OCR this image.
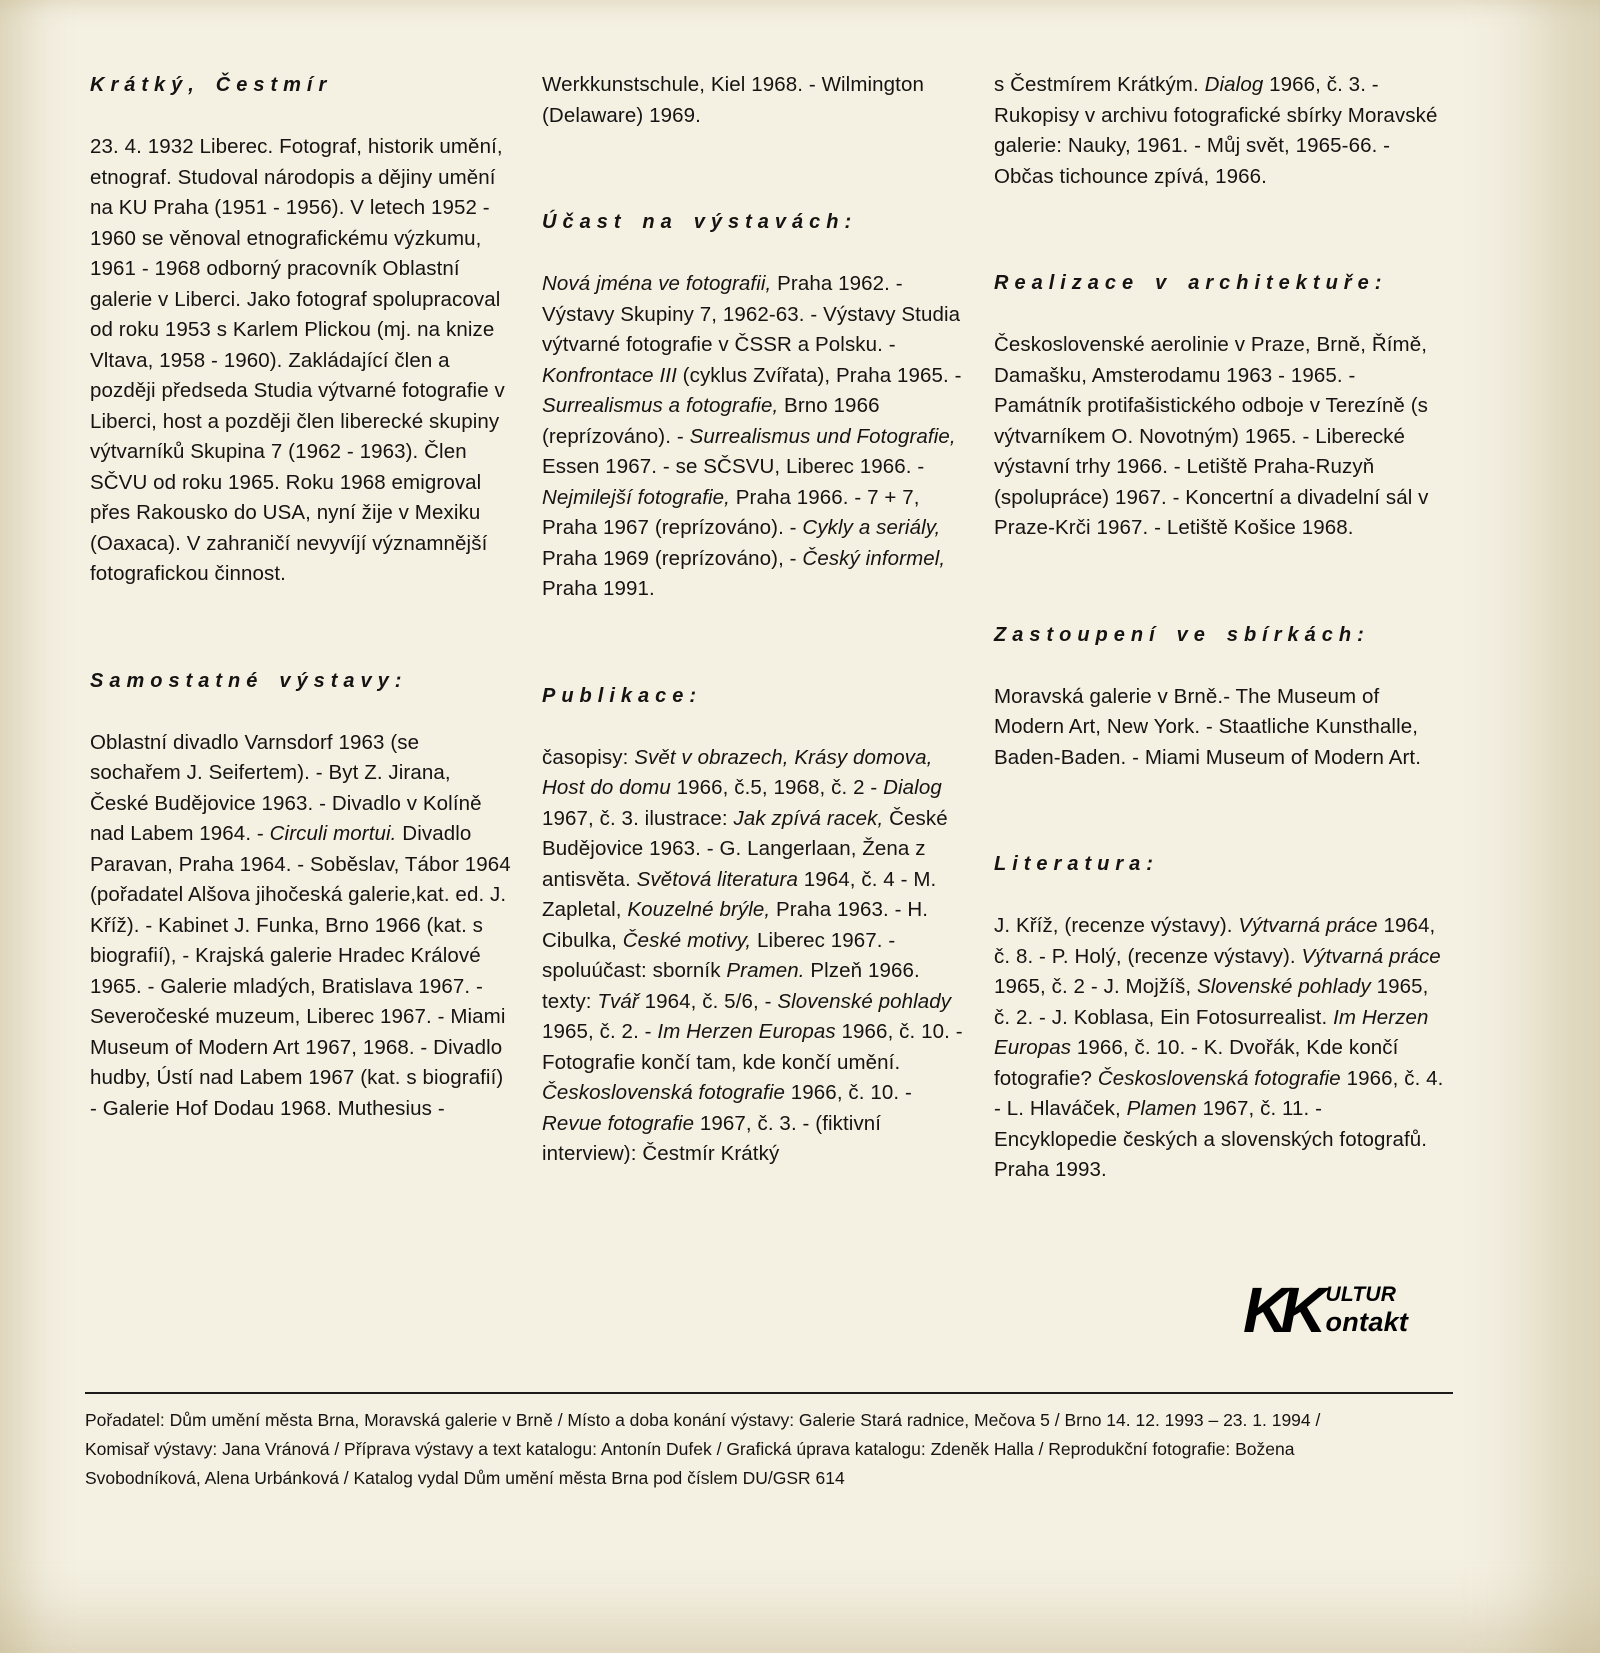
Krátký, Čestmír

23. 4. 1932 Liberec. Fotograf, historik umění, etnograf. Studoval národopis a dějiny umění na KU Praha (1951 - 1956). V letech 1952 - 1960 se věnoval etnografickému výzkumu, 1961 - 1968 odborný pracovník Oblastní galerie v Liberci. Jako fotograf spolupracoval od roku 1953 s Karlem Plickou (mj. na knize Vltava, 1958 - 1960). Zakládající člen a později předseda Studia výtvarné fotografie v Liberci, host a později člen liberecké skupiny výtvarníků Skupina 7 (1962 - 1963). Člen SČVU od roku 1965. Roku 1968 emigroval přes Rakousko do USA, nyní žije v Mexiku (Oaxaca). V zahraničí nevyvíjí významnější fotografickou činnost.

Samostatné výstavy:

Oblastní divadlo Varnsdorf 1963 (se sochařem J. Seifertem). - Byt Z. Jirana, České Budějovice 1963. - Divadlo v Kolíně nad Labem 1964. - Circuli mortui. Divadlo Paravan, Praha 1964. - Soběslav, Tábor 1964 (pořadatel Alšova jihočeská galerie,kat. ed. J. Kříž). - Kabinet J. Funka, Brno 1966 (kat. s biografií), - Krajská galerie Hradec Králové 1965. - Galerie mladých, Bratislava 1967. - Severočeské muzeum, Liberec 1967. - Miami Museum of Modern Art 1967, 1968. - Divadlo hudby, Ústí nad Labem 1967 (kat. s biografií) - Galerie Hof Dodau 1968. Muthesius -

Werkkunstschule, Kiel 1968. - Wilmington (Delaware) 1969.

Účast na výstavách:

Nová jména ve fotografii, Praha 1962. - Výstavy Skupiny 7, 1962-63. - Výstavy Studia výtvarné fotografie v ČSSR a Polsku. - Konfrontace III (cyklus Zvířata), Praha 1965. - Surrealismus a fotografie, Brno 1966 (reprízováno). - Surrealismus und Fotografie, Essen 1967. - se SČSVU, Liberec 1966. - Nejmilejší fotografie, Praha 1966. - 7 + 7, Praha 1967 (reprízováno). - Cykly a seriály, Praha 1969 (reprízováno), - Český informel, Praha 1991.

Publikace:

časopisy: Svět v obrazech, Krásy domova, Host do domu 1966, č.5, 1968, č. 2 - Dialog 1967, č. 3. ilustrace: Jak zpívá racek, České Budějovice 1963. - G. Langerlaan, Žena z antisvěta. Světová literatura 1964, č. 4 - M. Zapletal, Kouzelné brýle, Praha 1963. - H. Cibulka, České motivy, Liberec 1967. - spoluúčast: sborník Pramen. Plzeň 1966. texty: Tvář 1964, č. 5/6, - Slovenské pohlady 1965, č. 2. - Im Herzen Europas 1966, č. 10. - Fotografie končí tam, kde končí umění. Československá fotografie 1966, č. 10. - Revue fotografie 1967, č. 3. - (fiktivní interview): Čestmír Krátký

s Čestmírem Krátkým. Dialog 1966, č. 3. - Rukopisy v archivu fotografické sbírky Moravské galerie: Nauky, 1961. - Můj svět, 1965-66. - Občas tichounce zpívá, 1966.

Realizace v architektuře:

Československé aerolinie v Praze, Brně, Římě, Damašku, Amsterodamu 1963 - 1965. - Památník protifašistického odboje v Terezíně (s výtvarníkem O. Novotným) 1965. - Liberecké výstavní trhy 1966. - Letiště Praha-Ruzyň (spolupráce) 1967. - Koncertní a divadelní sál v Praze-Krči 1967. - Letiště Košice 1968.

Zastoupení ve sbírkách:

Moravská galerie v Brně.- The Museum of Modern Art, New York. - Staatliche Kunsthalle, Baden-Baden. - Miami Museum of Modern Art.

Literatura:

J. Kříž, (recenze výstavy). Výtvarná práce 1964, č. 8. - P. Holý, (recenze výstavy). Výtvarná práce 1965, č. 2 - J. Mojžíš, Slovenské pohlady 1965, č. 2. - J. Koblasa, Ein Fotosurrealist. Im Herzen Europas 1966, č. 10. - K. Dvořák, Kde končí fotografie? Československá fotografie 1966, č. 4. - L. Hlaváček, Plamen 1967, č. 11. - Encyklopedie českých a slovenských fotografů. Praha 1993.

KK ULTUR
ontakt
Pořadatel: Dům umění města Brna, Moravská galerie v Brně / Místo a doba konání výstavy: Galerie Stará radnice, Mečova 5 / Brno 14. 12. 1993 – 23. 1. 1994 /
Komisař výstavy: Jana Vránová / Příprava výstavy a text katalogu: Antonín Dufek / Grafická úprava katalogu: Zdeněk Halla / Reprodukční fotografie: Božena
Svobodníková, Alena Urbánková / Katalog vydal Dům umění města Brna pod číslem DU/GSR 614
